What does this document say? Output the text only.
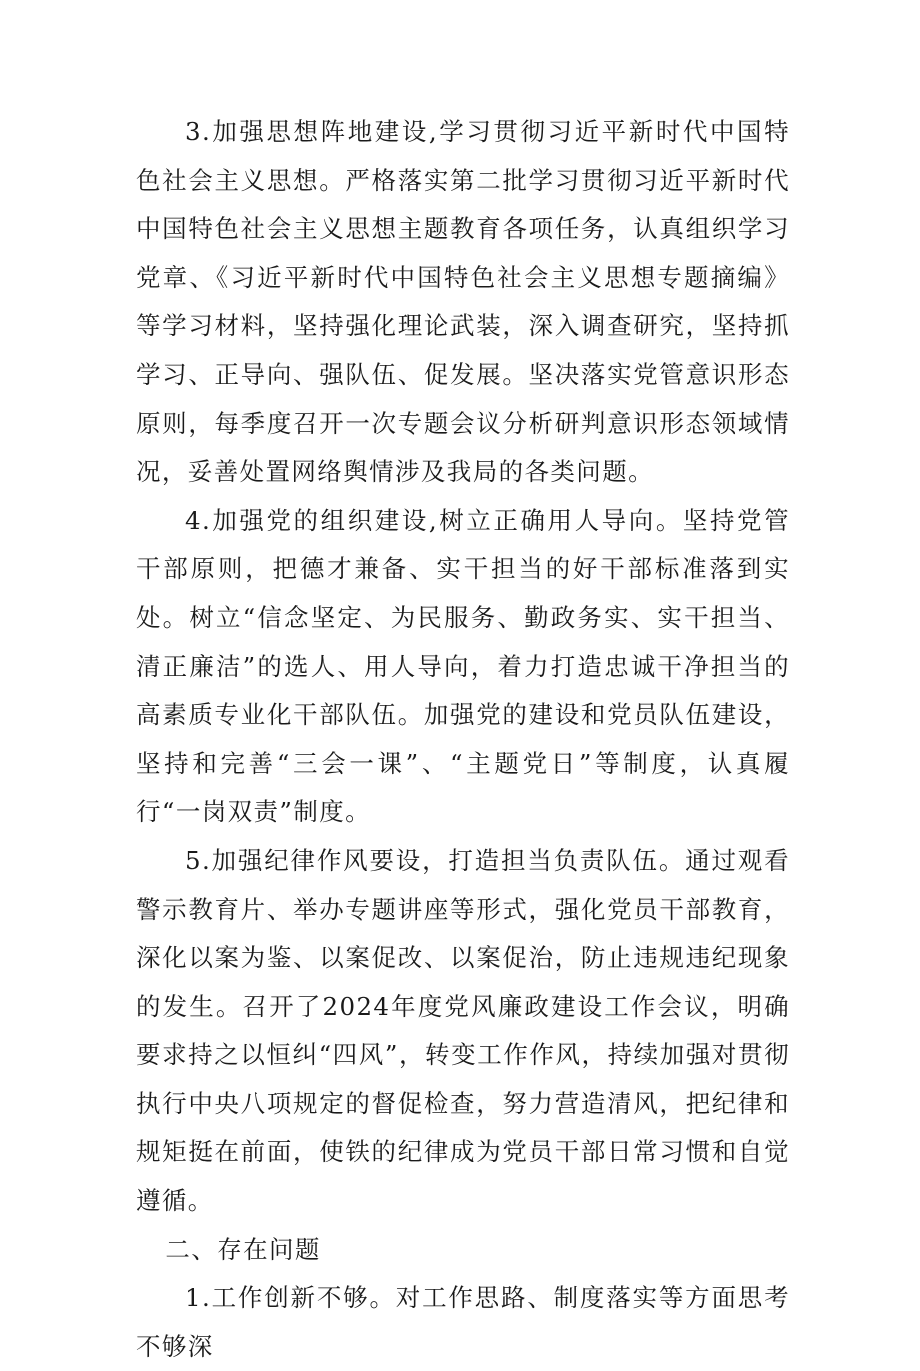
3.加强思想阵地建设,学习贯彻习近平新时代中国特色社会主义思想。严格落实第二批学习贯彻习近平新时代中国特色社会主义思想主题教育各项任务，认真组织学习党章、《习近平新时代中国特色社会主义思想专题摘编》等学习材料，坚持强化理论武装，深入调查研究，坚持抓学习、正导向、强队伍、促发展。坚决落实党管意识形态原则，每季度召开一次专题会议分析研判意识形态领域情况，妥善处置网络舆情涉及我局的各类问题。

4.加强党的组织建设,树立正确用人导向。坚持党管干部原则，把德才兼备、实干担当的好干部标准落到实处。树立“信念坚定、为民服务、勤政务实、实干担当、清正廉洁”的选人、用人导向，着力打造忠诚干净担当的高素质专业化干部队伍。加强党的建设和党员队伍建设，坚持和完善“三会一课”、“主题党日”等制度，认真履行“一岗双责”制度。

5.加强纪律作风要设，打造担当负责队伍。通过观看警示教育片、举办专题讲座等形式，强化党员干部教育，深化以案为鉴、以案促改、以案促治，防止违规违纪现象的发生。召开了2024年度党风廉政建设工作会议，明确要求持之以恒纠“四风”，转变工作作风，持续加强对贯彻执行中央八项规定的督促检查，努力营造清风，把纪律和规矩挺在前面，使铁的纪律成为党员干部日常习惯和自觉遵循。

二、存在问题

1.工作创新不够。对工作思路、制度落实等方面思考不够深
